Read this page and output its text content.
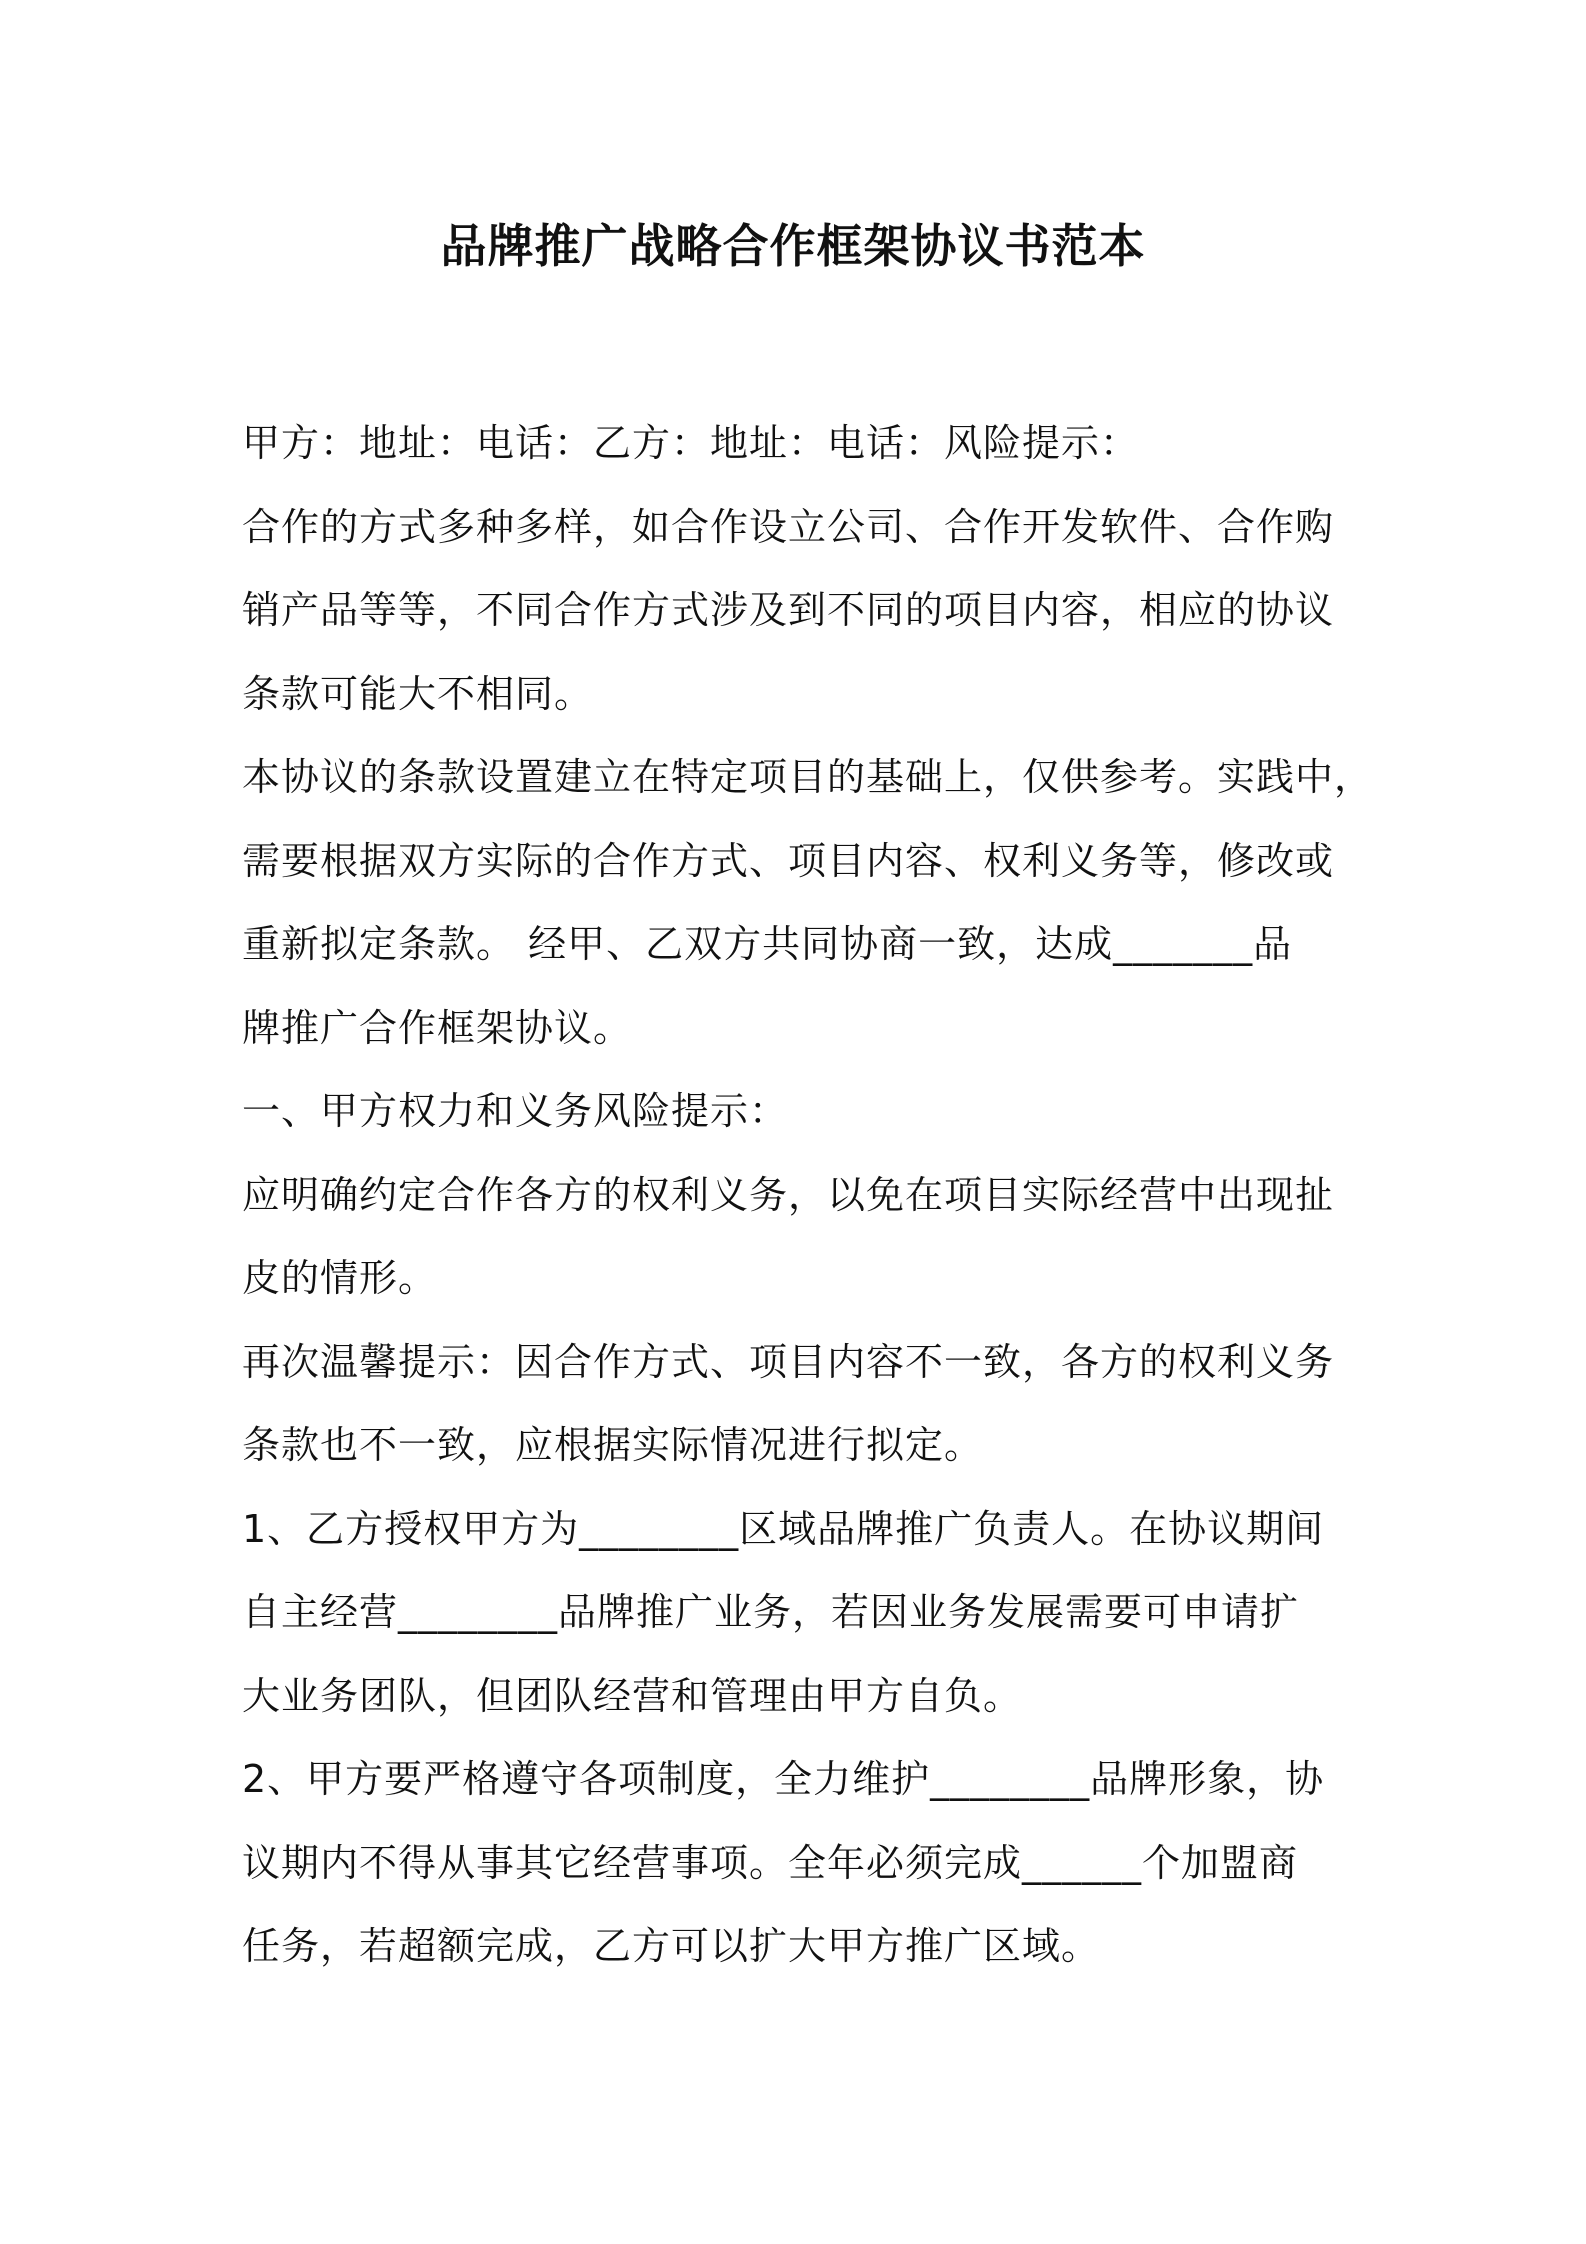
品牌推广战略合作框架协议书范本
甲方：地址：电话：乙方：地址：电话：风险提示：
合作的方式多种多样，如合作设立公司、合作开发软件、合作购
销产品等等，不同合作方式涉及到不同的项目内容，相应的协议
条款可能大不相同。
本协议的条款设置建立在特定项目的基础上，仅供参考。实践中，
需要根据双方实际的合作方式、项目内容、权利义务等，修改或
重新拟定条款。 经甲、乙双方共同协商一致，达成_______品
牌推广合作框架协议。
一、甲方权力和义务风险提示：
应明确约定合作各方的权利义务，以免在项目实际经营中出现扯
皮的情形。
再次温馨提示：因合作方式、项目内容不一致，各方的权利义务
条款也不一致，应根据实际情况进行拟定。
1、乙方授权甲方为________区域品牌推广负责人。在协议期间
自主经营________品牌推广业务，若因业务发展需要可申请扩
大业务团队，但团队经营和管理由甲方自负。
2、甲方要严格遵守各项制度，全力维护________品牌形象，协
议期内不得从事其它经营事项。全年必须完成______个加盟商
任务，若超额完成，乙方可以扩大甲方推广区域。
